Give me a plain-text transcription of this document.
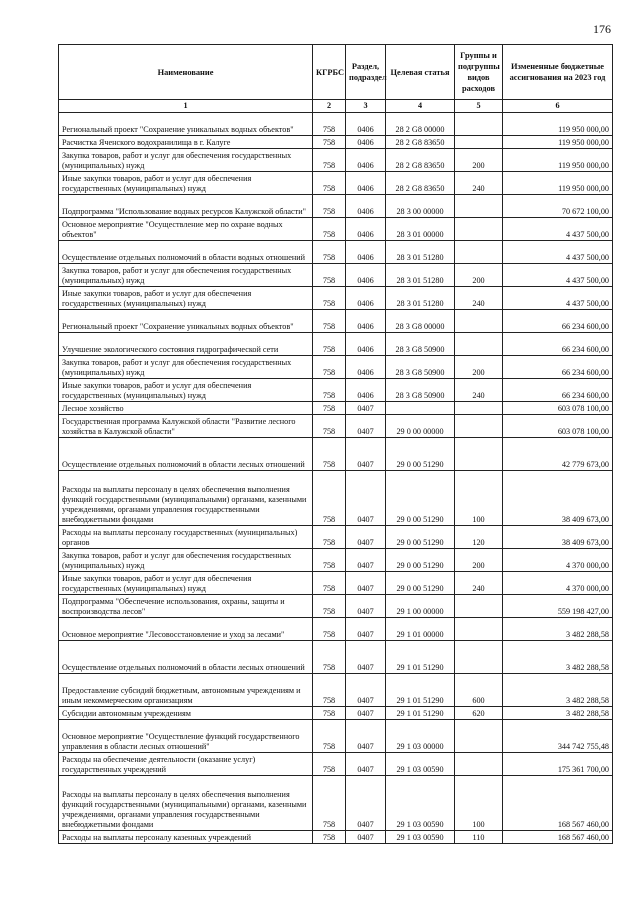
176
Наименование	КГРБС	Раздел, подраздел	Целевая статья	Группы и подгруппы видов расходов	Измененные бюджетные ассигнования на 2023 год
1	2	3	4	5	6
Региональный проект "Сохранение уникальных водных объектов"	758	0406	28 2 G8 00000		119 950 000,00
Расчистка Яченского водохранилища в г. Калуге	758	0406	28 2 G8 83650		119 950 000,00
Закупка товаров, работ и услуг для обеспечения государственных (муниципальных) нужд	758	0406	28 2 G8 83650	200	119 950 000,00
Иные закупки товаров, работ и услуг для обеспечения государственных (муниципальных) нужд	758	0406	28 2 G8 83650	240	119 950 000,00
Подпрограмма "Использование водных ресурсов Калужской области"	758	0406	28 3 00 00000		70 672 100,00
Основное мероприятие "Осуществление мер по охране водных объектов"	758	0406	28 3 01 00000		4 437 500,00
Осуществление отдельных полномочий в области водных отношений	758	0406	28 3 01 51280		4 437 500,00
Закупка товаров, работ и услуг для обеспечения государственных (муниципальных) нужд	758	0406	28 3 01 51280	200	4 437 500,00
Иные закупки товаров, работ и услуг для обеспечения государственных (муниципальных) нужд	758	0406	28 3 01 51280	240	4 437 500,00
Региональный проект "Сохранение уникальных водных объектов"	758	0406	28 3 G8 00000		66 234 600,00
Улучшение экологического состояния гидрографической сети	758	0406	28 3 G8 50900		66 234 600,00
Закупка товаров, работ и услуг для обеспечения государственных (муниципальных) нужд	758	0406	28 3 G8 50900	200	66 234 600,00
Иные закупки товаров, работ и услуг для обеспечения государственных (муниципальных) нужд	758	0406	28 3 G8 50900	240	66 234 600,00
Лесное хозяйство	758	0407			603 078 100,00
Государственная программа Калужской области "Развитие лесного хозяйства в Калужской области"	758	0407	29 0 00 00000		603 078 100,00
Осуществление отдельных полномочий в области лесных отношений	758	0407	29 0 00 51290		42 779 673,00
Расходы на выплаты персоналу в целях обеспечения выполнения функций государственными (муниципальными) органами, казенными учреждениями, органами управления государственными внебюджетными фондами	758	0407	29 0 00 51290	100	38 409 673,00
Расходы на выплаты персоналу государственных (муниципальных) органов	758	0407	29 0 00 51290	120	38 409 673,00
Закупка товаров, работ и услуг для обеспечения государственных (муниципальных) нужд	758	0407	29 0 00 51290	200	4 370 000,00
Иные закупки товаров, работ и услуг для обеспечения государственных (муниципальных) нужд	758	0407	29 0 00 51290	240	4 370 000,00
Подпрограмма "Обеспечение использования, охраны, защиты и воспроизводства лесов"	758	0407	29 1 00 00000		559 198 427,00
Основное мероприятие "Лесовосстановление и уход за лесами"	758	0407	29 1 01 00000		3 482 288,58
Осуществление отдельных полномочий в области лесных отношений	758	0407	29 1 01 51290		3 482 288,58
Предоставление субсидий бюджетным, автономным учреждениям и иным некоммерческим организациям	758	0407	29 1 01 51290	600	3 482 288,58
Субсидии автономным учреждениям	758	0407	29 1 01 51290	620	3 482 288,58
Основное мероприятие "Осуществление функций государственного управления в области лесных отношений"	758	0407	29 1 03 00000		344 742 755,48
Расходы на обеспечение деятельности (оказание услуг) государственных учреждений	758	0407	29 1 03 00590		175 361 700,00
Расходы на выплаты персоналу в целях обеспечения выполнения функций государственными (муниципальными) органами, казенными учреждениями, органами управления государственными внебюджетными фондами	758	0407	29 1 03 00590	100	168 567 460,00
Расходы на выплаты персоналу казенных учреждений	758	0407	29 1 03 00590	110	168 567 460,00
